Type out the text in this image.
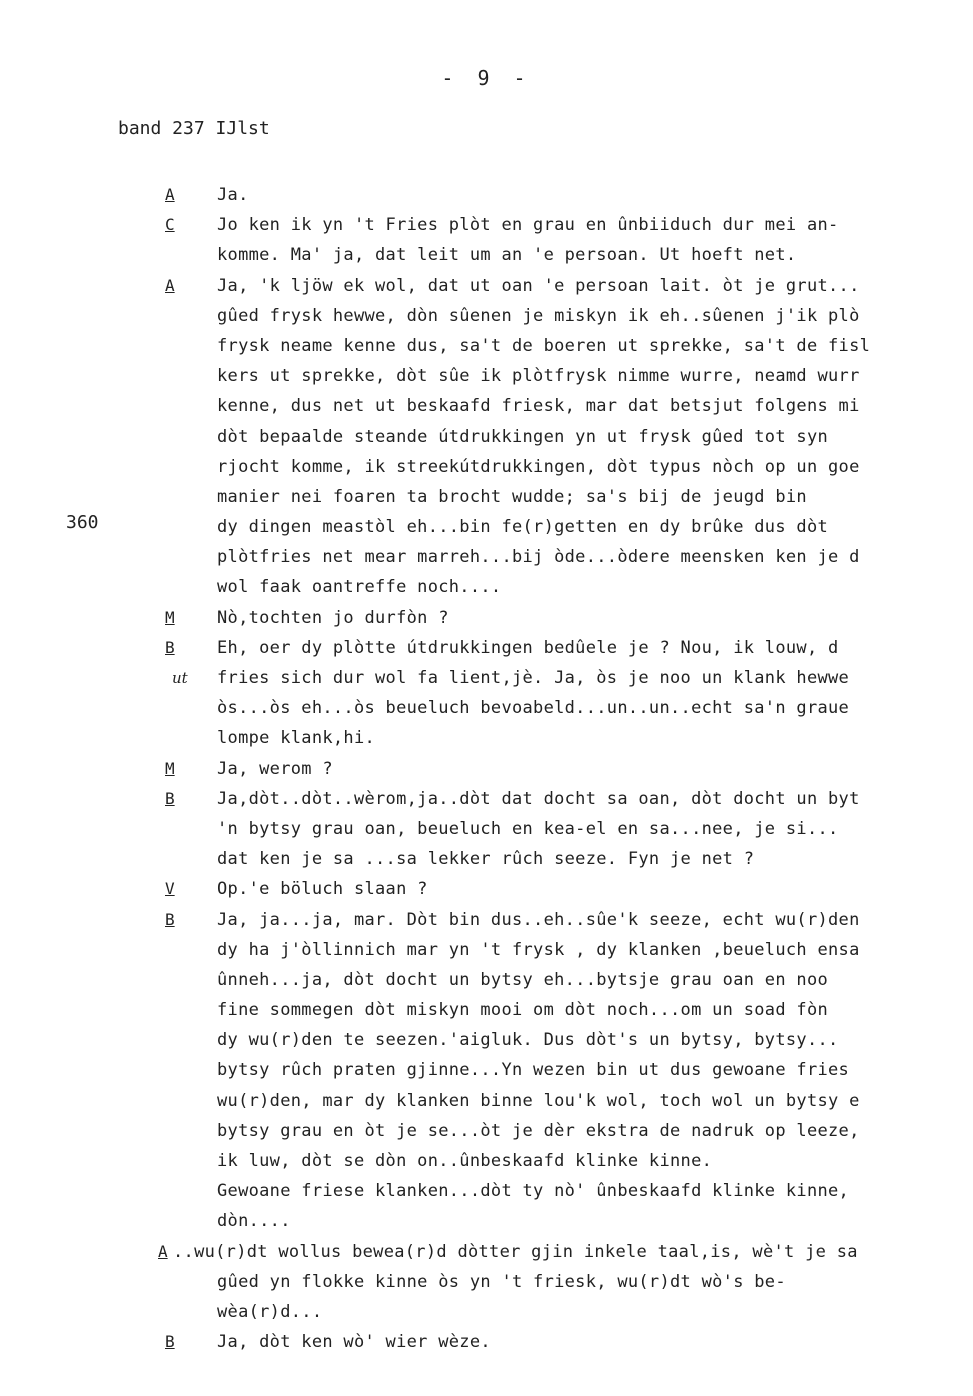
- 9 -
band 237 IJlst
360
A Ja.
C Jo ken ik yn 't Fries plòt en grau en ûnbiiduch dur mei an-
komme. Ma' ja, dat leit um an 'e persoan. Ut hoeft net.
A Ja, 'k ljöw ek wol, dat ut oan 'e persoan lait. òt je grut...
gûed frysk hewwe, dòn sûenen je miskyn ik eh..sûenen j'ik plò
frysk neame kenne dus, sa't de boeren ut sprekke, sa't de fisl
kers ut sprekke, dòt sûe ik plòtfrysk nimme wurre, neamd wurr
kenne, dus net ut beskaafd friesk, mar dat betsjut folgens mi
dòt bepaalde steande útdrukkingen yn ut frysk gûed tot syn
rjocht komme, ik streekútdrukkingen, dòt typus nòch op un goe
manier nei foaren ta brocht wudde; sa's bij de jeugd bin
dy dingen meastòl eh...bin fe(r)getten en dy brûke dus dòt
plòtfries net mear marreh...bij òde...òdere meensken ken je d
wol faak oantreffe noch....
M Nò,tochten jo durfòn ?
B Eh, oer dy plòtte útdrukkingen bedûele je ? Nou, ik louw, d
ut fries sich dur wol fa lient,jè. Ja, òs je noo un klank hewwe
òs...òs eh...òs beueluch bevoabeld...un..un..echt sa'n graue
lompe klank,hi.
M Ja, werom ?
B Ja,dòt..dòt..wèrom,ja..dòt dat docht sa oan, dòt docht un byt
'n bytsy grau oan, beueluch en kea-el en sa...nee, je si...
dat ken je sa ...sa lekker rûch seeze. Fyn je net ?
V Op.'e böluch slaan ?
B Ja, ja...ja, mar. Dòt bin dus..eh..sûe'k seeze, echt wu(r)den
dy ha j'òllinnich mar yn 't frysk , dy klanken ,beueluch ensa
ûnneh...ja, dòt docht un bytsy eh...bytsje grau oan en noo
fine sommegen dòt miskyn mooi om dòt noch...om un soad fòn
dy wu(r)den te seezen.'aigluk. Dus dòt's un bytsy, bytsy...
bytsy rûch praten gjinne...Yn wezen bin ut dus gewoane fries
wu(r)den, mar dy klanken binne lou'k wol, toch wol un bytsy e
bytsy grau en òt je se...òt je dèr ekstra de nadruk op leeze,
ik luw, dòt se dòn on..ûnbeskaafd klinke kinne.
Gewoane friese klanken...dòt ty nò' ûnbeskaafd klinke kinne,
dòn....
A ..wu(r)dt wollus bewea(r)d dòtter gjin inkele taal,is, wè't je sa
gûed yn flokke kinne òs yn 't friesk, wu(r)dt wò's be-
wèa(r)d...
B Ja, dòt ken wò' wier wèze.
